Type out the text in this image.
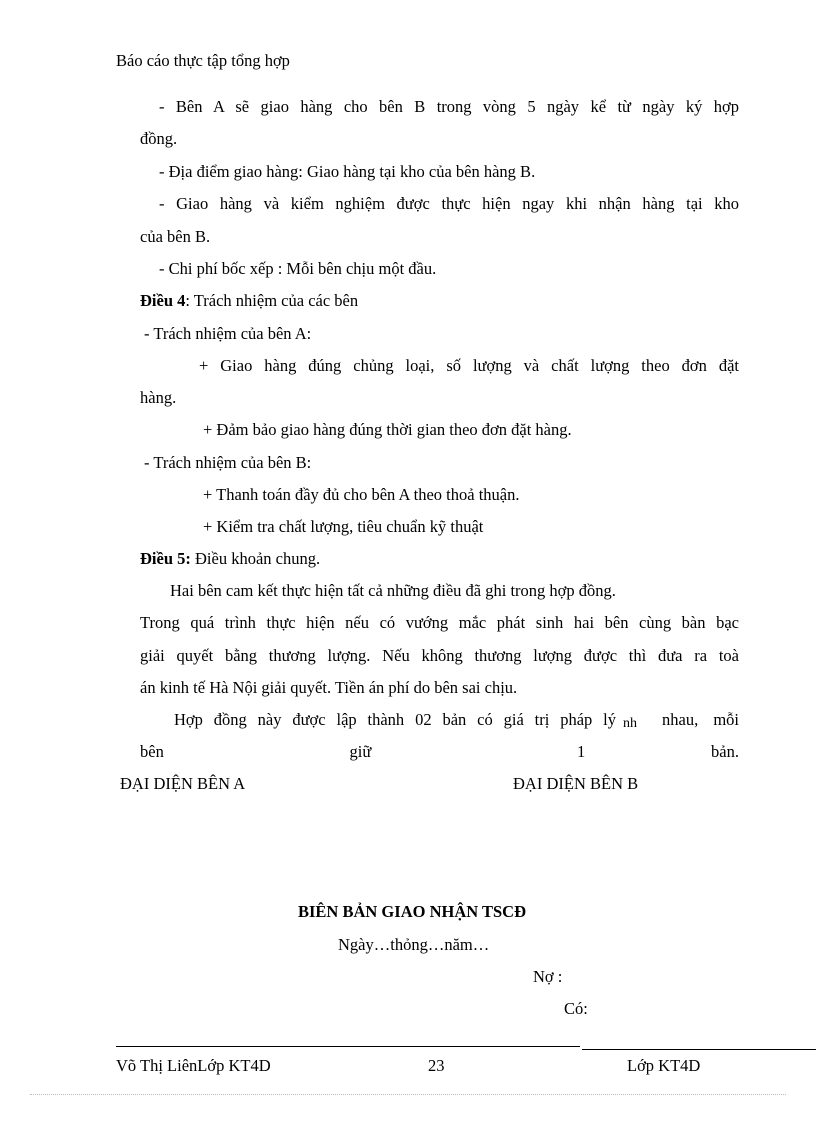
Báo cáo thực tập tổng hợp
- Bên A sẽ giao hàng cho bên B trong vòng 5 ngày kể từ ngày ký hợp
đồng.
- Địa điểm giao hàng: Giao hàng tại kho của bên hàng B.
- Giao hàng và kiểm nghiệm được thực hiện ngay khi nhận hàng tại kho
của bên B.
- Chi phí bốc xếp : Mỗi bên chịu một đầu.
Điều 4: Trách nhiệm của các bên
- Trách nhiệm của bên A:
+ Giao hàng đúng chủng loại, số lượng và chất lượng theo đơn đặt
hàng.
+ Đảm bảo giao hàng đúng thời gian theo đơn đặt hàng.
- Trách nhiệm của bên B:
+ Thanh toán đầy đủ cho bên A theo thoả thuận.
+ Kiểm tra chất lượng, tiêu chuẩn kỹ thuật
Điều 5: Điều khoản chung.
Hai bên cam kết thực hiện tất cả những điều đã ghi trong hợp đồng.
Trong quá trình thực hiện nếu có vướng mắc phát sinh hai bên cùng bàn bạc
giải quyết bằng thương lượng. Nếu không thương lượng được thì đưa ra toà
án kinh tế Hà Nội giải quyết. Tiền án phí do bên sai chịu.
Hợp đồng này được lập thành 02 bản có giá trị pháp lý nh nhau, mỗi
bên	giữ	1	bản.
ĐẠI DIỆN BÊN A	ĐẠI DIỆN BÊN B
BIÊN BẢN GIAO NHẬN TSCĐ
Ngày…thỏng…năm…
Nợ :
Có:
Võ Thị LiênLớp KT4D	23	Lớp KT4D
